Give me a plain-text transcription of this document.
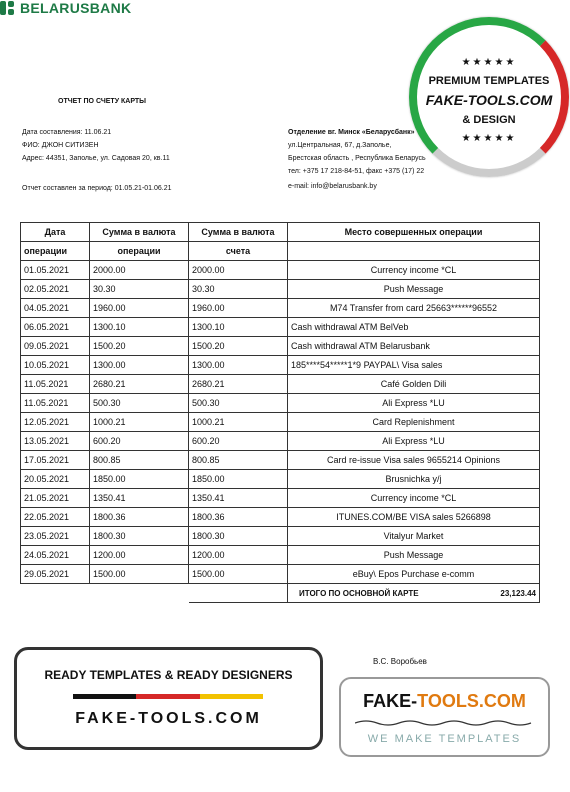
BELARUSBANK
ОТЧЕТ ПО СЧЕТУ КАРТЫ
Дата составления: 11.06.21
ФИО: ДЖОН СИТИЗЕН
Адрес: 44351, Заполье, ул. Садовая 20, кв.11
Отчет составлен за период: 01.05.21-01.06.21
Отделение вг. Минск «Беларусбанк»
ул.Центральная, 67, д.Заполье,
Брестская область , Республика Беларусь
тел: +375 17 218-84-51, факс +375 (17) 22
e-mail: info@belarusbank.by
Дата	Сумма в валюта	Сумма в валюта	Место совершенных операции
операции	операции	счета	
01.05.2021	2000.00	2000.00	Currency income *CL
02.05.2021	30.30	30.30	Push Message
04.05.2021	1960.00	1960.00	M74 Transfer from card 25663******96552
06.05.2021	1300.10	1300.10	Cash withdrawal ATM BelVeb
09.05.2021	1500.20	1500.20	Cash withdrawal ATM Belarusbank
10.05.2021	1300.00	1300.00	185****54*****1*9 PAYPAL\ Visa sales
11.05.2021	2680.21	2680.21	Café Golden Dili
11.05.2021	500.30	500.30	Ali Express *LU
12.05.2021	1000.21	1000.21	Card Replenishment
13.05.2021	600.20	600.20	Ali Express *LU
17.05.2021	800.85	800.85	Card re-issue Visa sales 9655214 Opinions
20.05.2021	1850.00	1850.00	Brusnichka y/j
21.05.2021	1350.41	1350.41	Currency income *CL
22.05.2021	1800.36	1800.36	ITUNES.COM/BE VISA sales 5266898
23.05.2021	1800.30	1800.30	Vitalyur Market
24.05.2021	1200.00	1200.00	Push Message
29.05.2021	1500.00	1500.00	eBuy\ Epos Purchase e-comm
			ИТОГО ПО ОСНОВНОЙ КАРТЕ 23,123.44
В.С. Воробьев
★★★★★
PREMIUM TEMPLATES
FAKE-TOOLS.COM
& DESIGN
★★★★★
READY TEMPLATES & READY DESIGNERS
FAKE-TOOLS.COM
FAKE-TOOLS.COM
WE MAKE TEMPLATES
